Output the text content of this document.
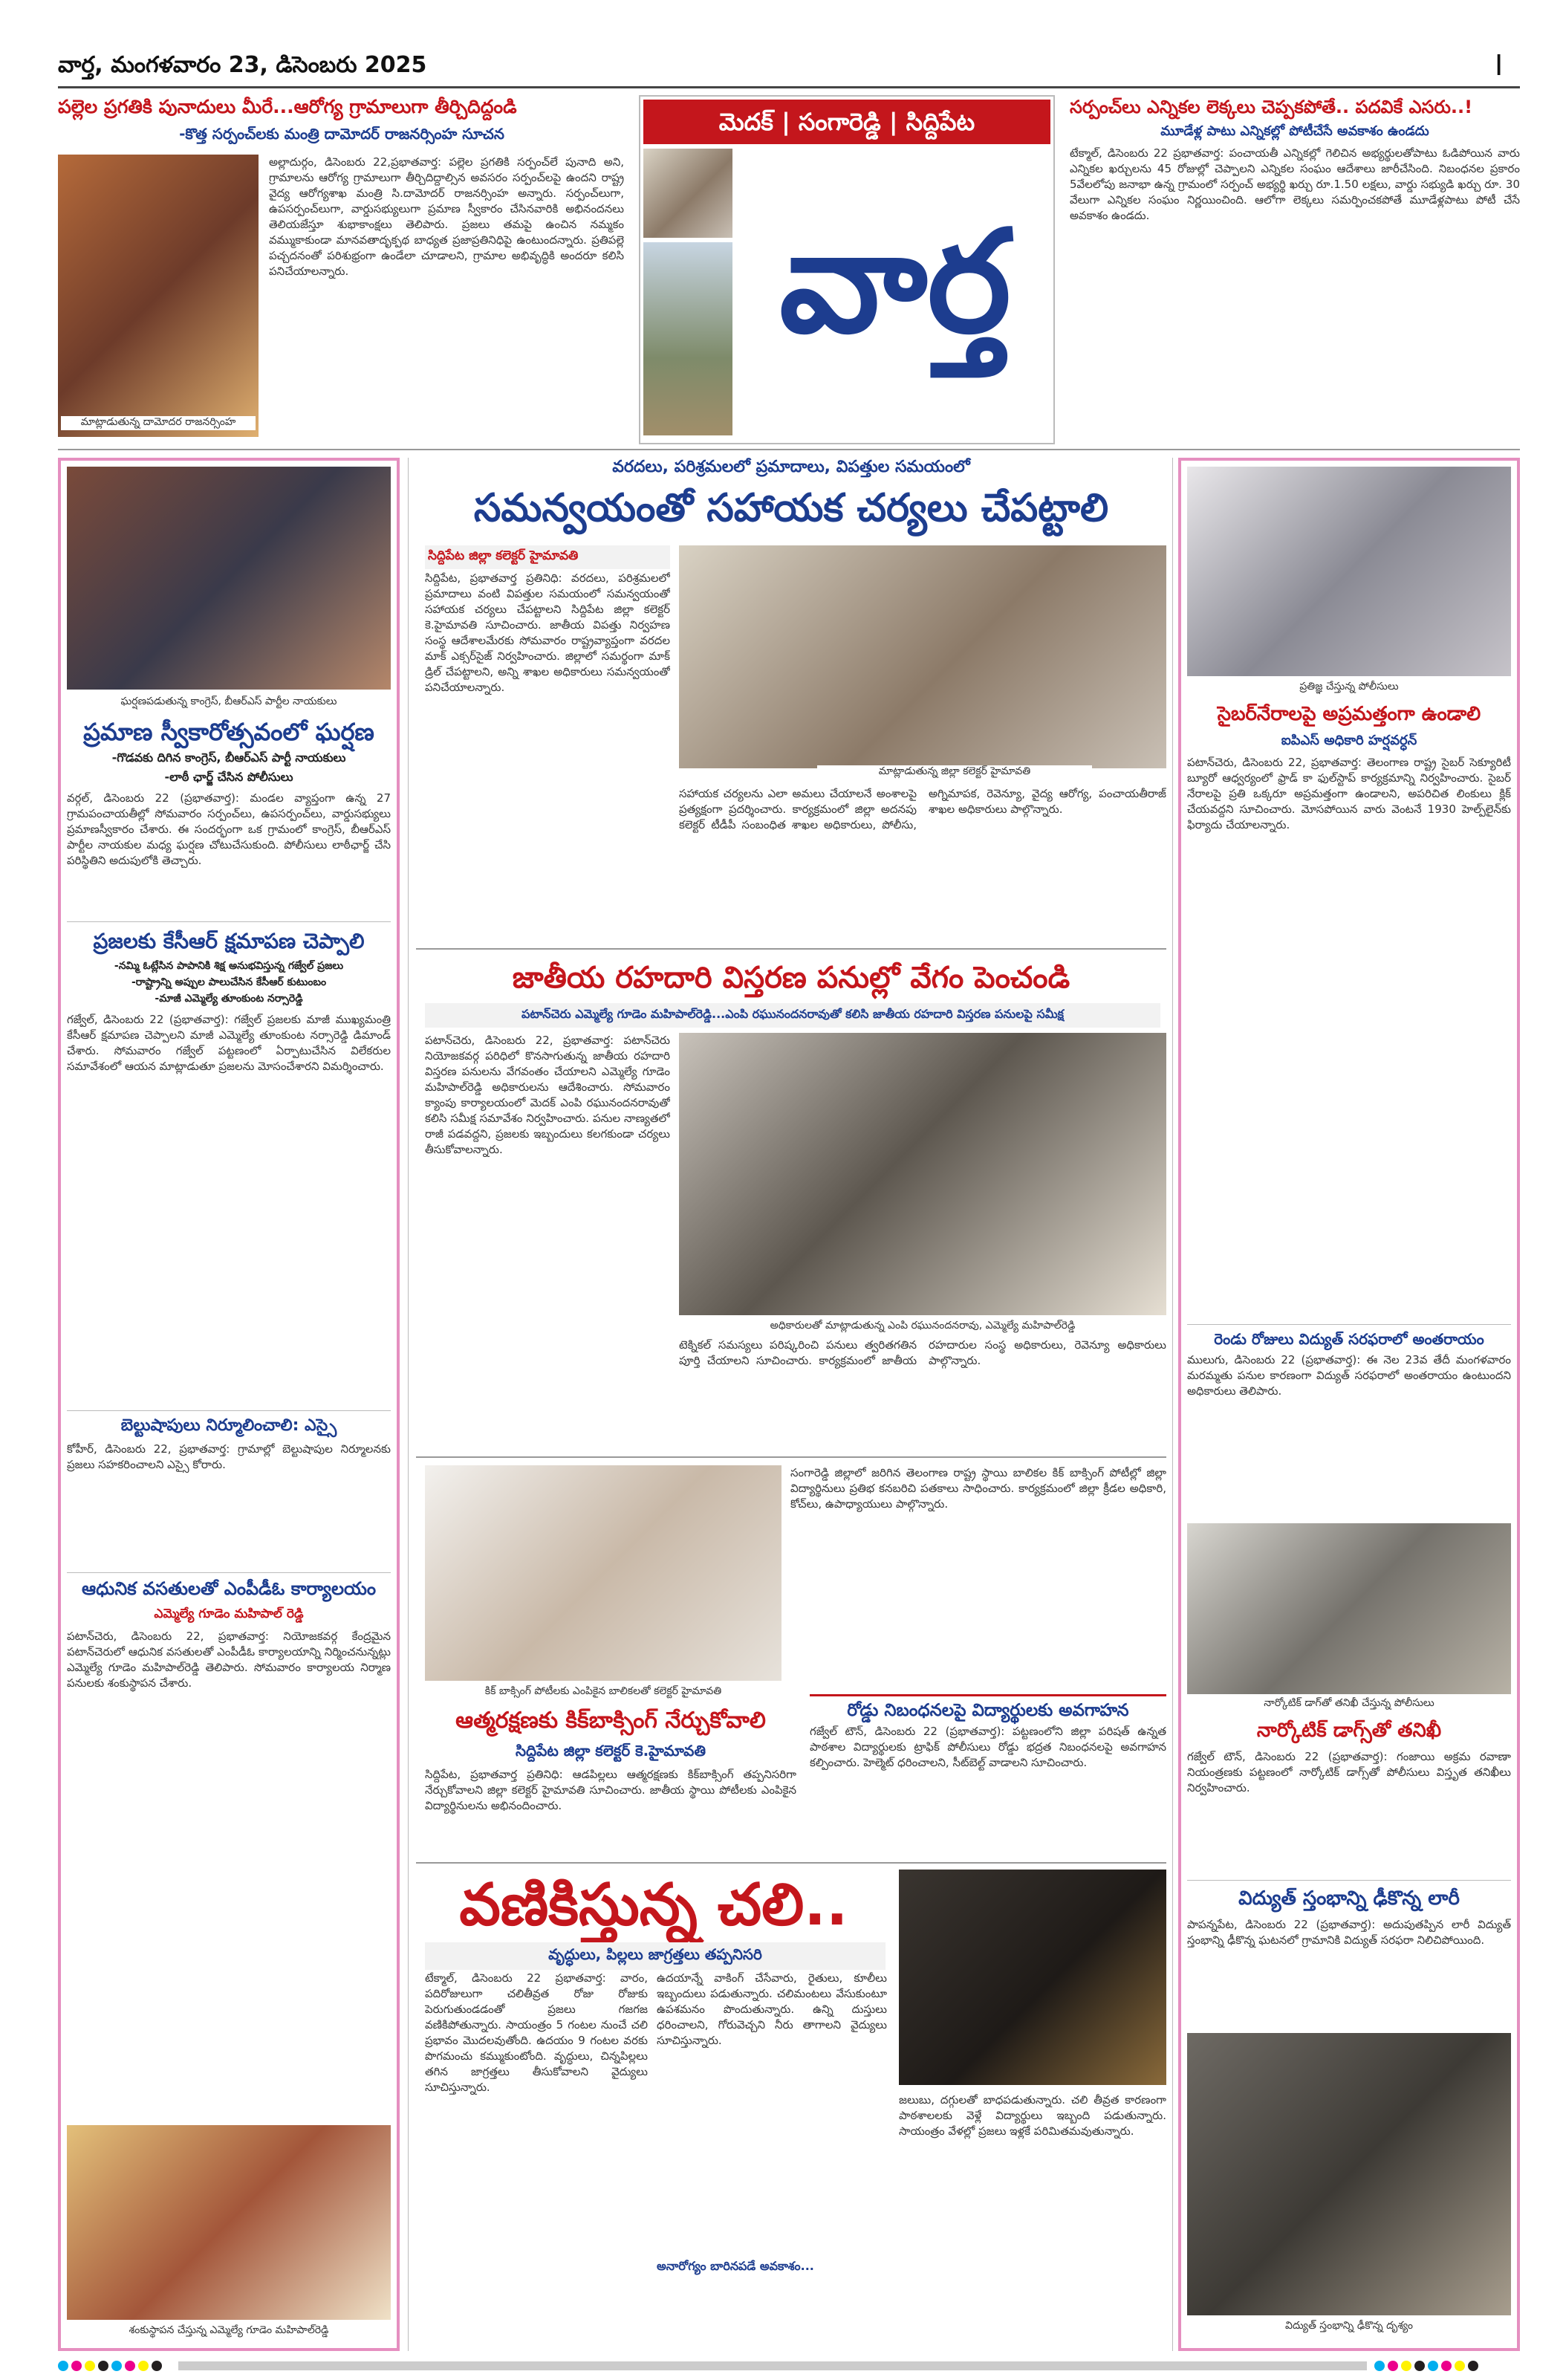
వార్త, మంగళవారం 23, డిసెంబరు 2025	I
పల్లెల ప్రగతికి పునాదులు మీరే...ఆరోగ్య గ్రామాలుగా తీర్చిదిద్దండి
-కొత్త సర్పంచ్‌లకు మంత్రి దామోదర్ రాజనర్సింహ సూచన
మాట్లాడుతున్న దామోదర రాజనర్సింహ
అల్లాదుర్గం, డిసెంబరు 22,ప్రభాతవార్త: పల్లెల ప్రగతికి సర్పంచ్‌లే పునాది అని, గ్రామాలను ఆరోగ్య గ్రామాలుగా తీర్చిదిద్దాల్సిన అవసరం సర్పంచ్‌లపై ఉందని రాష్ట్ర వైద్య ఆరోగ్యశాఖ మంత్రి సి.దామోదర్ రాజనర్సింహ అన్నారు. సర్పంచ్‌లుగా, ఉపసర్పంచ్‌లుగా, వార్డుసభ్యులుగా ప్రమాణ స్వీకారం చేసినవారికి అభినందనలు తెలియజేస్తూ శుభాకాంక్షలు తెలిపారు. ప్రజలు తమపై ఉంచిన నమ్మకం వమ్ముకాకుండా మానవతాదృక్పథ బాధ్యత ప్రజాప్రతినిధిపై ఉంటుందన్నారు. ప్రతిపల్లె పచ్చదనంతో పరిశుభ్రంగా ఉండేలా చూడాలని, గ్రామాల అభివృద్ధికి అందరూ కలిసి పనిచేయాలన్నారు.
మెదక్ | సంగారెడ్డి | సిద్దిపేట
వార్త
సర్పంచ్‌లు ఎన్నికల లెక్కలు చెప్పకపోతే.. పదవికే ఎసరు..!
మూడేళ్ల పాటు ఎన్నికల్లో పోటీచేసే అవకాశం ఉండదు
టేక్మాల్, డిసెంబరు 22 ప్రభాతవార్త: పంచాయతీ ఎన్నికల్లో గెలిచిన అభ్యర్థులతోపాటు ఓడిపోయిన వారు ఎన్నికల ఖర్చులను 45 రోజుల్లో చెప్పాలని ఎన్నికల సంఘం ఆదేశాలు జారీచేసింది. నిబంధనల ప్రకారం 5వేలలోపు జనాభా ఉన్న గ్రామంలో సర్పంచ్ అభ్యర్థి ఖర్చు రూ.1.50 లక్షలు, వార్డు సభ్యుడి ఖర్చు రూ. 30 వేలుగా ఎన్నికల సంఘం నిర్ణయించింది. ఆలోగా లెక్కలు సమర్పించకపోతే మూడేళ్లపాటు పోటీ చేసే అవకాశం ఉండదు.
ఘర్షణపడుతున్న కాంగ్రెస్, బీఆర్ఎస్ పార్టీల నాయకులు
ప్రమాణ స్వీకారోత్సవంలో ఘర్షణ
-గొడవకు దిగిన కాంగ్రెస్, బీఆర్ఎస్ పార్టీ నాయకులు
-లాఠీ ఛార్జ్ చేసిన పోలీసులు
వర్గల్, డిసెంబరు 22 (ప్రభాతవార్త): మండల వ్యాప్తంగా ఉన్న 27 గ్రామపంచాయతీల్లో సోమవారం సర్పంచ్‌లు, ఉపసర్పంచ్‌లు, వార్డుసభ్యులు ప్రమాణస్వీకారం చేశారు. ఈ సందర్భంగా ఒక గ్రామంలో కాంగ్రెస్, బీఆర్ఎస్ పార్టీల నాయకుల మధ్య ఘర్షణ చోటుచేసుకుంది. పోలీసులు లాఠీఛార్జ్ చేసి పరిస్థితిని అదుపులోకి తెచ్చారు.
ప్రజలకు కేసీఆర్ క్షమాపణ చెప్పాలి
-నమ్మి ఓట్లేసిన పాపానికి శిక్ష అనుభవిస్తున్న గజ్వేల్ ప్రజలు
-రాష్ట్రాన్ని అప్పుల పాలుచేసిన కేసీఆర్ కుటుంబం
-మాజీ ఎమ్మెల్యే తూంకుంట నర్సారెడ్డి
గజ్వేల్, డిసెంబరు 22 (ప్రభాతవార్త): గజ్వేల్ ప్రజలకు మాజీ ముఖ్యమంత్రి కేసీఆర్ క్షమాపణ చెప్పాలని మాజీ ఎమ్మెల్యే తూంకుంట నర్సారెడ్డి డిమాండ్ చేశారు. సోమవారం గజ్వేల్ పట్టణంలో ఏర్పాటుచేసిన విలేకరుల సమావేశంలో ఆయన మాట్లాడుతూ ప్రజలను మోసంచేశారని విమర్శించారు.
బెల్టుషాపులు నిర్మూలించాలి: ఎస్సై
కోహీర్, డిసెంబరు 22, ప్రభాతవార్త: గ్రామాల్లో బెల్టుషాపుల నిర్మూలనకు ప్రజలు సహకరించాలని ఎస్సై కోరారు.
ఆధునిక వసతులతో ఎంపీడీఓ కార్యాలయం
ఎమ్మెల్యే గూడెం మహిపాల్ రెడ్డి
పటాన్‌చెరు, డిసెంబరు 22, ప్రభాతవార్త: నియోజకవర్గ కేంద్రమైన పటాన్‌చెరులో ఆధునిక వసతులతో ఎంపీడీఓ కార్యాలయాన్ని నిర్మించనున్నట్లు ఎమ్మెల్యే గూడెం మహిపాల్‌రెడ్డి తెలిపారు. సోమవారం కార్యాలయ నిర్మాణ పనులకు శంకుస్థాపన చేశారు.
శంకుస్థాపన చేస్తున్న ఎమ్మెల్యే గూడెం మహిపాల్‌రెడ్డి
వరదలు, పరిశ్రమలలో ప్రమాదాలు, విపత్తుల సమయంలో
సమన్వయంతో సహాయక చర్యలు చేపట్టాలి
సిద్దిపేట జిల్లా కలెక్టర్ హైమావతి
సిద్దిపేట, ప్రభాతవార్త ప్రతినిధి: వరదలు, పరిశ్రమలలో ప్రమాదాలు వంటి విపత్తుల సమయంలో సమన్వయంతో సహాయక చర్యలు చేపట్టాలని సిద్దిపేట జిల్లా కలెక్టర్ కె.హైమావతి సూచించారు. జాతీయ విపత్తు నిర్వహణ సంస్థ ఆదేశాలమేరకు సోమవారం రాష్ట్రవ్యాప్తంగా వరదల మాక్ ఎక్సర్‌సైజ్ నిర్వహించారు. జిల్లాలో సమర్థంగా మాక్ డ్రిల్ చేపట్టాలని, అన్ని శాఖల అధికారులు సమన్వయంతో పనిచేయాలన్నారు.
మాట్లాడుతున్న జిల్లా కలెక్టర్ హైమావతి
సహాయక చర్యలను ఎలా అమలు చేయాలనే అంశాలపై ప్రత్యక్షంగా ప్రదర్శించారు. కార్యక్రమంలో జిల్లా అదనపు కలెక్టర్ టీడీపీ సంబంధిత శాఖల అధికారులు, పోలీసు, అగ్నిమాపక, రెవెన్యూ, వైద్య ఆరోగ్య, పంచాయతీరాజ్ శాఖల అధికారులు పాల్గొన్నారు.
జాతీయ రహదారి విస్తరణ పనుల్లో వేగం పెంచండి
పటాన్‌చెరు ఎమ్మెల్యే గూడెం మహిపాల్‌రెడ్డి...ఎంపి రఘునందనరావుతో కలిసి జాతీయ రహదారి విస్తరణ పనులపై సమీక్ష
పటాన్‌చెరు, డిసెంబరు 22, ప్రభాతవార్త: పటాన్‌చెరు నియోజకవర్గ పరిధిలో కొనసాగుతున్న జాతీయ రహదారి విస్తరణ పనులను వేగవంతం చేయాలని ఎమ్మెల్యే గూడెం మహిపాల్‌రెడ్డి అధికారులను ఆదేశించారు. సోమవారం క్యాంపు కార్యాలయంలో మెదక్ ఎంపి రఘునందనరావుతో కలిసి సమీక్ష సమావేశం నిర్వహించారు. పనుల నాణ్యతలో రాజీ పడవద్దని, ప్రజలకు ఇబ్బందులు కలగకుండా చర్యలు తీసుకోవాలన్నారు.
అధికారులతో మాట్లాడుతున్న ఎంపి రఘునందనరావు, ఎమ్మెల్యే మహిపాల్‌రెడ్డి
టెక్నికల్ సమస్యలు పరిష్కరించి పనులు త్వరితగతిన పూర్తి చేయాలని సూచించారు. కార్యక్రమంలో జాతీయ రహదారుల సంస్థ అధికారులు, రెవెన్యూ అధికారులు పాల్గొన్నారు.
కిక్ బాక్సింగ్ పోటీలకు ఎంపికైన బాలికలతో కలెక్టర్ హైమావతి
సంగారెడ్డి జిల్లాలో జరిగిన తెలంగాణ రాష్ట్ర స్థాయి బాలికల కిక్ బాక్సింగ్ పోటీల్లో జిల్లా విద్యార్థినులు ప్రతిభ కనబరిచి పతకాలు సాధించారు. కార్యక్రమంలో జిల్లా క్రీడల అధికారి, కోచ్‌లు, ఉపాధ్యాయులు పాల్గొన్నారు.
ఆత్మరక్షణకు కిక్‌బాక్సింగ్ నేర్చుకోవాలి
సిద్దిపేట జిల్లా కలెక్టర్ కె.హైమావతి
సిద్దిపేట, ప్రభాతవార్త ప్రతినిధి: ఆడపిల్లలు ఆత్మరక్షణకు కిక్‌బాక్సింగ్ తప్పనిసరిగా నేర్చుకోవాలని జిల్లా కలెక్టర్ హైమావతి సూచించారు. జాతీయ స్థాయి పోటీలకు ఎంపికైన విద్యార్థినులను అభినందించారు.
రోడ్డు నిబంధనలపై విద్యార్థులకు అవగాహన
గజ్వేల్ టౌన్, డిసెంబరు 22 (ప్రభాతవార్త): పట్టణంలోని జిల్లా పరిషత్ ఉన్నత పాఠశాల విద్యార్థులకు ట్రాఫిక్ పోలీసులు రోడ్డు భద్రత నిబంధనలపై అవగాహన కల్పించారు. హెల్మెట్ ధరించాలని, సీట్‌బెల్ట్ వాడాలని సూచించారు.
వణికిస్తున్న చలి..
వృద్ధులు, పిల్లలు జాగ్రత్తలు తప్పనిసరి
టేక్మాల్, డిసెంబరు 22 ప్రభాతవార్త: వారం, పదిరోజులుగా చలితీవ్రత రోజు రోజుకు పెరుగుతుండడంతో ప్రజలు గజగజ వణికిపోతున్నారు. సాయంత్రం 5 గంటల నుంచే చలి ప్రభావం మొదలవుతోంది. ఉదయం 9 గంటల వరకు పొగమంచు కమ్ముకుంటోంది. వృద్ధులు, చిన్నపిల్లలు తగిన జాగ్రత్తలు తీసుకోవాలని వైద్యులు సూచిస్తున్నారు.
ఉదయాన్నే వాకింగ్ చేసేవారు, రైతులు, కూలీలు ఇబ్బందులు పడుతున్నారు. చలిమంటలు వేసుకుంటూ ఉపశమనం పొందుతున్నారు. ఉన్ని దుస్తులు ధరించాలని, గోరువెచ్చని నీరు తాగాలని వైద్యులు సూచిస్తున్నారు.
అనారోగ్యం బారినపడే అవకాశం...
జలుబు, దగ్గులతో బాధపడుతున్నారు. చలి తీవ్రత కారణంగా పాఠశాలలకు వెళ్లే విద్యార్థులు ఇబ్బంది పడుతున్నారు. సాయంత్రం వేళల్లో ప్రజలు ఇళ్లకే పరిమితమవుతున్నారు.
ప్రతిజ్ఞ చేస్తున్న పోలీసులు
సైబర్‌నేరాలపై అప్రమత్తంగా ఉండాలి
ఐపిఎస్ అధికారి హర్షవర్ధన్
పటాన్‌చెరు, డిసెంబరు 22, ప్రభాతవార్త: తెలంగాణ రాష్ట్ర సైబర్ సెక్యూరిటీ బ్యూరో ఆధ్వర్యంలో ఫ్రాడ్ కా ఫుల్‌స్టాప్ కార్యక్రమాన్ని నిర్వహించారు. సైబర్ నేరాలపై ప్రతి ఒక్కరూ అప్రమత్తంగా ఉండాలని, అపరిచిత లింకులు క్లిక్ చేయవద్దని సూచించారు. మోసపోయిన వారు వెంటనే 1930 హెల్ప్‌లైన్‌కు ఫిర్యాదు చేయాలన్నారు.
రెండు రోజులు విద్యుత్ సరఫరాలో అంతరాయం
ములుగు, డిసెంబరు 22 (ప్రభాతవార్త): ఈ నెల 23వ తేదీ మంగళవారం మరమ్మతు పనుల కారణంగా విద్యుత్ సరఫరాలో అంతరాయం ఉంటుందని అధికారులు తెలిపారు.
నార్కోటిక్ డాగ్‌తో తనిఖీ చేస్తున్న పోలీసులు
నార్కోటిక్ డాగ్స్‌తో తనిఖీ
గజ్వేల్ టౌన్, డిసెంబరు 22 (ప్రభాతవార్త): గంజాయి అక్రమ రవాణా నియంత్రణకు పట్టణంలో నార్కోటిక్ డాగ్స్‌తో పోలీసులు విస్తృత తనిఖీలు నిర్వహించారు.
విద్యుత్ స్తంభాన్ని ఢీకొన్న లారీ
పాపన్నపేట, డిసెంబరు 22 (ప్రభాతవార్త): అదుపుతప్పిన లారీ విద్యుత్ స్తంభాన్ని ఢీకొన్న ఘటనలో గ్రామానికి విద్యుత్ సరఫరా నిలిచిపోయింది.
విద్యుత్ స్తంభాన్ని ఢీకొన్న దృశ్యం
